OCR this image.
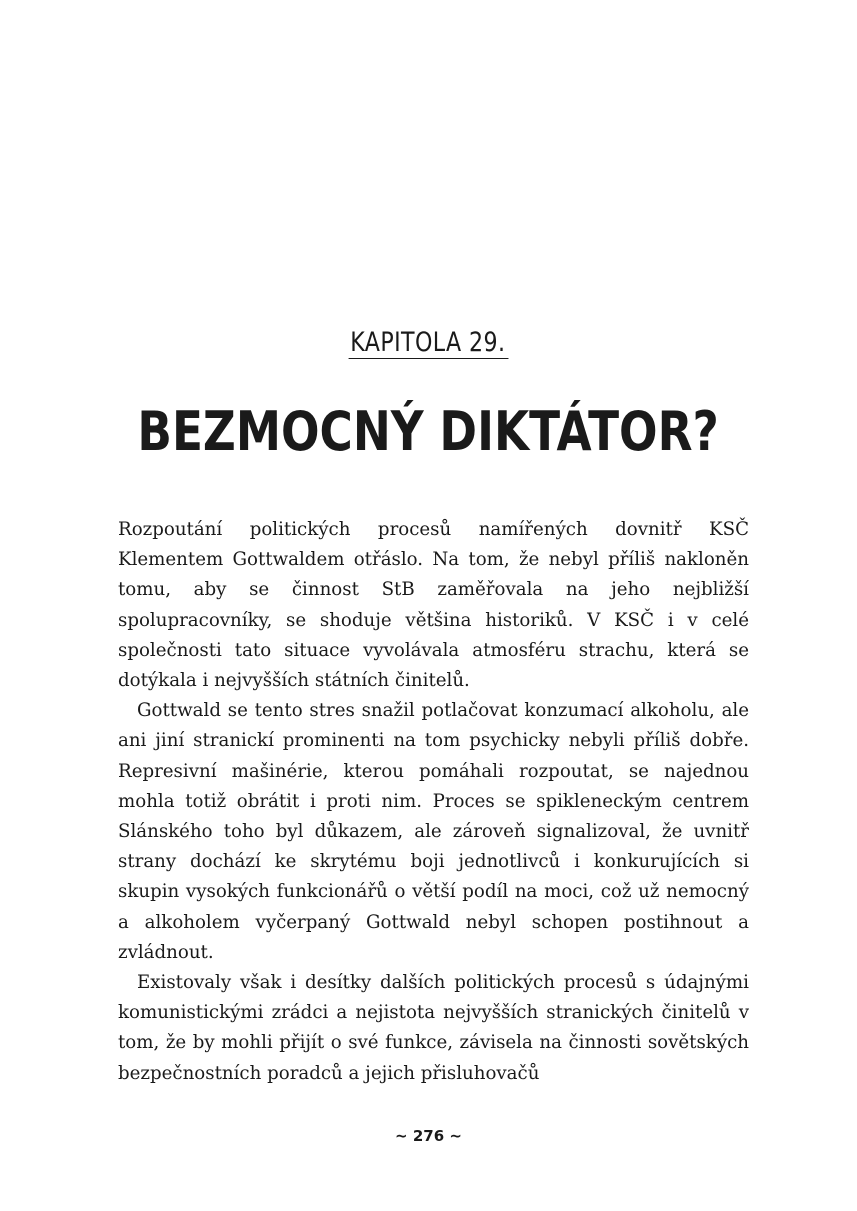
KAPITOLA 29.
BEZMOCNÝ DIKTÁTOR?

Rozpoutání politických procesů namířených dovnitř KSČ Klementem Gottwaldem otřáslo. Na tom, že nebyl příliš nakloněn tomu, aby se činnost StB zaměřovala na jeho nejbližší spolupracovníky, se shoduje většina historiků. V KSČ i v celé společnosti tato situace vyvolávala atmosféru strachu, která se dotýkala i nejvyšších státních činitelů.

Gottwald se tento stres snažil potlačovat konzumací alkoholu, ale ani jiní stranickí prominenti na tom psychicky nebyli příliš dobře. Represivní mašinérie, kterou pomáhali rozpoutat, se najednou mohla totiž obrátit i proti nim. Proces se spikleneckým centrem Slánského toho byl důkazem, ale zároveň signalizoval, že uvnitř strany dochází ke skrytému boji jednotlivců i konkurujících si skupin vysokých funkcionářů o větší podíl na moci, což už nemocný a alkoholem vyčerpaný Gottwald nebyl schopen postihnout a zvládnout.

Existovaly však i desítky dalších politických procesů s údajnými komunistickými zrádci a nejistota nejvyšších stranických činitelů v tom, že by mohli přijít o své funkce, závisela na činnosti sovětských bezpečnostních poradců a jejich přisluhovačů

~ 276 ~
